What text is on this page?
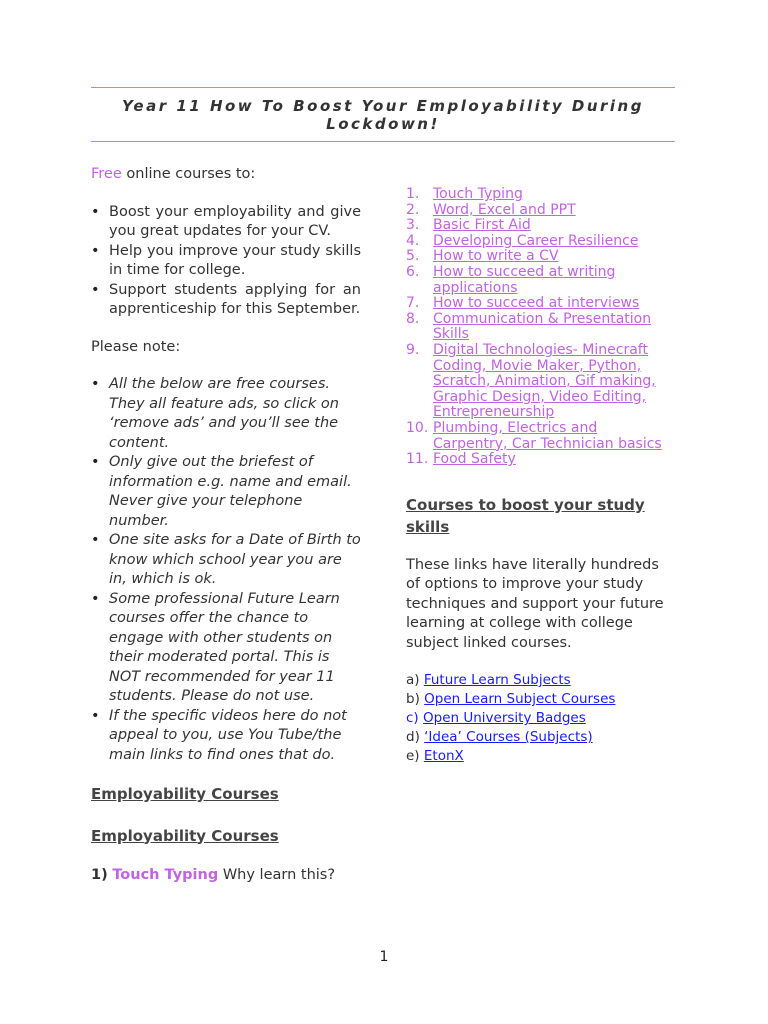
Year 11 How To Boost Your Employability During Lockdown!

Free online courses to:

• Boost your employability and give you great updates for your CV.
• Help you improve your study skills in time for college.
• Support students applying for an apprenticeship for this September.

Please note:

• All the below are free courses. They all feature ads, so click on ‘remove ads’ and you’ll see the content.
• Only give out the briefest of information e.g. name and email. Never give your telephone number.
• One site asks for a Date of Birth to know which school year you are in, which is ok.
• Some professional Future Learn courses offer the chance to engage with other students on their moderated portal. This is NOT recommended for year 11 students. Please do not use.
• If the specific videos here do not appeal to you, use You Tube/the main links to find ones that do.

Employability Courses

Employability Courses

1) Touch Typing Why learn this?

1. Touch Typing
2. Word, Excel and PPT
3. Basic First Aid
4. Developing Career Resilience
5. How to write a CV
6. How to succeed at writing applications
7. How to succeed at interviews
8. Communication & Presentation Skills
9. Digital Technologies- Minecraft Coding, Movie Maker, Python, Scratch, Animation, Gif making, Graphic Design, Video Editing, Entrepreneurship
10. Plumbing, Electrics and Carpentry, Car Technician basics
11. Food Safety

Courses to boost your study skills

These links have literally hundreds of options to improve your study techniques and support your future learning at college with college subject linked courses.

a) Future Learn Subjects
b) Open Learn Subject Courses
c) Open University Badges
d) ‘Idea’ Courses (Subjects)
e) EtonX
1
